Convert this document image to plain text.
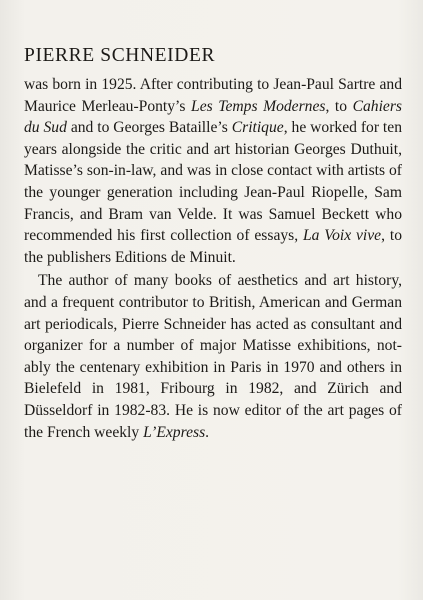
PIERRE SCHNEIDER

was born in 1925. After contributing to Jean-Paul Sartre and Maurice Merleau-Ponty’s Les Temps Modernes, to Cahiers du Sud and to Georges Bataille’s Critique, he worked for ten years alongside the critic and art historian Georges Duthuit, Matisse’s son-in-law, and was in close contact with artists of the younger generation including Jean-Paul Riopelle, Sam Francis, and Bram van Velde. It was Samuel Beckett who recommended his first collection of essays, La Voix vive, to the publishers Editions de Minuit.

The author of many books of aesthetics and art history, and a frequent contributor to British, American and German art periodicals, Pierre Schneider has acted as consultant and organizer for a number of major Matisse exhibitions, notably the centenary exhibition in Paris in 1970 and others in Bielefeld in 1981, Fribourg in 1982, and Zürich and Düsseldorf in 1982-83. He is now editor of the art pages of the French weekly L’Express.
